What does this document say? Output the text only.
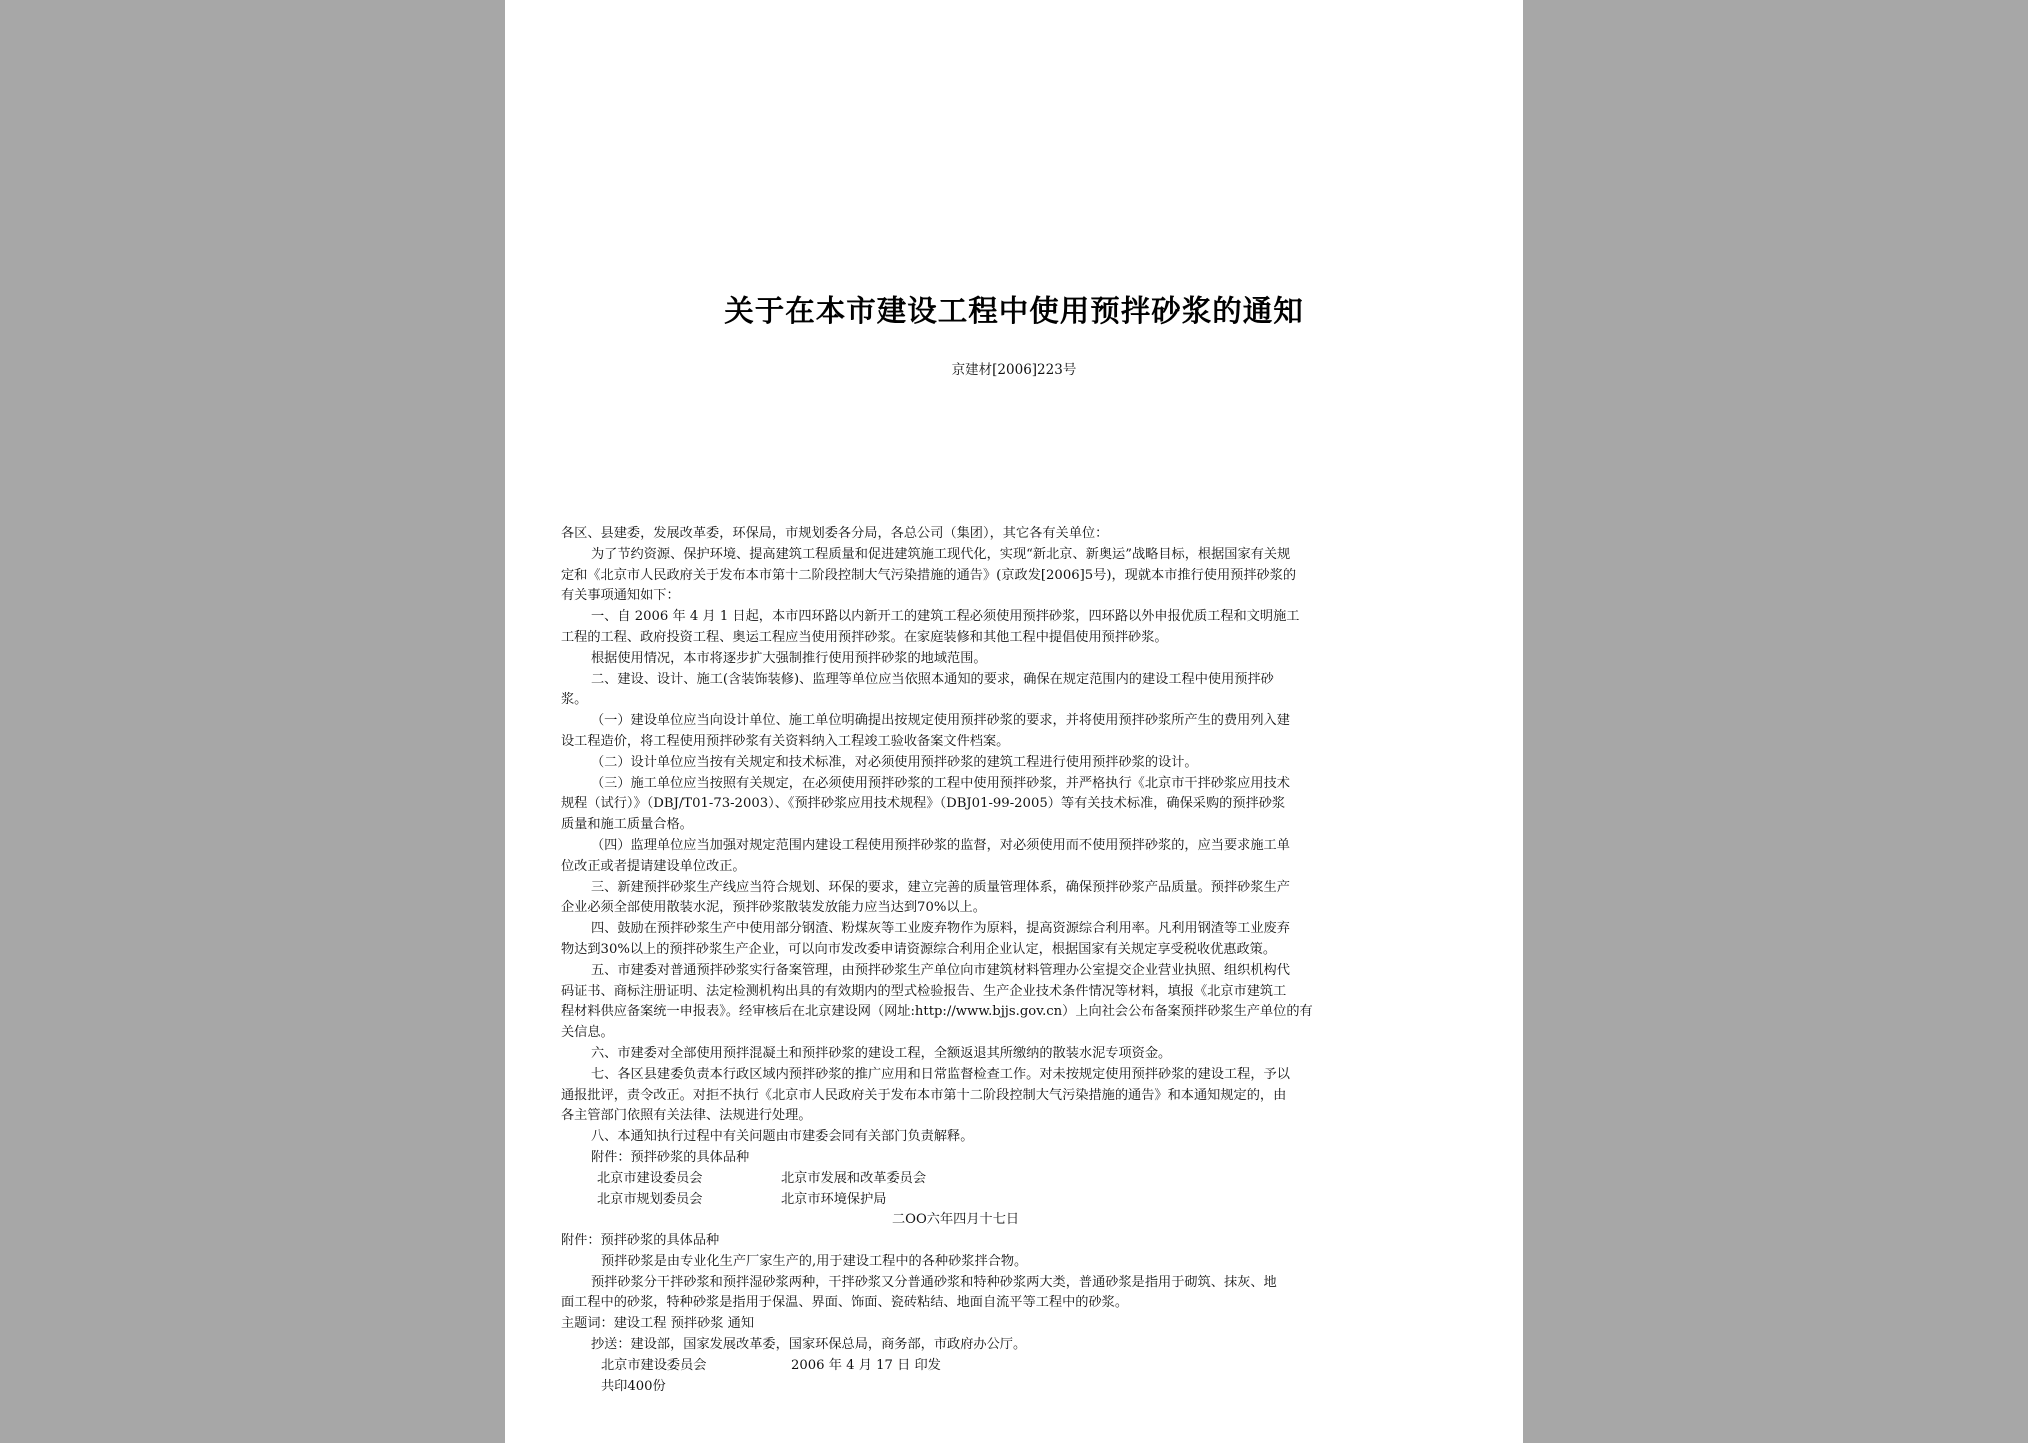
关于在本市建设工程中使用预拌砂浆的通知
京建材[2006]223号

各区、县建委，发展改革委，环保局，市规划委各分局，各总公司（集团），其它各有关单位：

为了节约资源、保护环境、提高建筑工程质量和促进建筑施工现代化，实现“新北京、新奥运”战略目标，根据国家有关规

定和《北京市人民政府关于发布本市第十二阶段控制大气污染措施的通告》(京政发[2006]5号)，现就本市推行使用预拌砂浆的

有关事项通知如下：

一、自 2006 年 4 月 1 日起，本市四环路以内新开工的建筑工程必须使用预拌砂浆，四环路以外申报优质工程和文明施工

工程的工程、政府投资工程、奥运工程应当使用预拌砂浆。在家庭装修和其他工程中提倡使用预拌砂浆。

根据使用情况，本市将逐步扩大强制推行使用预拌砂浆的地域范围。

二、建设、设计、施工(含装饰装修)、监理等单位应当依照本通知的要求，确保在规定范围内的建设工程中使用预拌砂

浆。

（一）建设单位应当向设计单位、施工单位明确提出按规定使用预拌砂浆的要求，并将使用预拌砂浆所产生的费用列入建

设工程造价，将工程使用预拌砂浆有关资料纳入工程竣工验收备案文件档案。

（二）设计单位应当按有关规定和技术标准，对必须使用预拌砂浆的建筑工程进行使用预拌砂浆的设计。

（三）施工单位应当按照有关规定，在必须使用预拌砂浆的工程中使用预拌砂浆，并严格执行《北京市干拌砂浆应用技术

规程（试行）》（DBJ/T01-73-2003）、《预拌砂浆应用技术规程》（DBJ01-99-2005）等有关技术标准，确保采购的预拌砂浆

质量和施工质量合格。

（四）监理单位应当加强对规定范围内建设工程使用预拌砂浆的监督，对必须使用而不使用预拌砂浆的，应当要求施工单

位改正或者提请建设单位改正。

三、新建预拌砂浆生产线应当符合规划、环保的要求，建立完善的质量管理体系，确保预拌砂浆产品质量。预拌砂浆生产

企业必须全部使用散装水泥，预拌砂浆散装发放能力应当达到70%以上。

四、鼓励在预拌砂浆生产中使用部分钢渣、粉煤灰等工业废弃物作为原料，提高资源综合利用率。凡利用钢渣等工业废弃

物达到30%以上的预拌砂浆生产企业，可以向市发改委申请资源综合利用企业认定，根据国家有关规定享受税收优惠政策。

五、市建委对普通预拌砂浆实行备案管理，由预拌砂浆生产单位向市建筑材料管理办公室提交企业营业执照、组织机构代

码证书、商标注册证明、法定检测机构出具的有效期内的型式检验报告、生产企业技术条件情况等材料，填报《北京市建筑工

程材料供应备案统一申报表》。经审核后在北京建设网（网址:http://www.bjjs.gov.cn）上向社会公布备案预拌砂浆生产单位的有

关信息。

六、市建委对全部使用预拌混凝土和预拌砂浆的建设工程，全额返退其所缴纳的散装水泥专项资金。

七、各区县建委负责本行政区域内预拌砂浆的推广应用和日常监督检查工作。对未按规定使用预拌砂浆的建设工程，予以

通报批评，责令改正。对拒不执行《北京市人民政府关于发布本市第十二阶段控制大气污染措施的通告》和本通知规定的，由

各主管部门依照有关法律、法规进行处理。

八、本通知执行过程中有关问题由市建委会同有关部门负责解释。

附件：预拌砂浆的具体品种

北京市建设委员会	北京市发展和改革委员会
北京市规划委员会	北京市环境保护局

二OO六年四月十七日

附件：预拌砂浆的具体品种

预拌砂浆是由专业化生产厂家生产的,用于建设工程中的各种砂浆拌合物。

预拌砂浆分干拌砂浆和预拌湿砂浆两种，干拌砂浆又分普通砂浆和特种砂浆两大类，普通砂浆是指用于砌筑、抹灰、地

面工程中的砂浆，特种砂浆是指用于保温、界面、饰面、瓷砖粘结、地面自流平等工程中的砂浆。

主题词：建设工程 预拌砂浆 通知

抄送：建设部，国家发展改革委，国家环保总局，商务部，市政府办公厅。

北京市建设委员会	2006 年 4 月 17 日 印发

共印400份
